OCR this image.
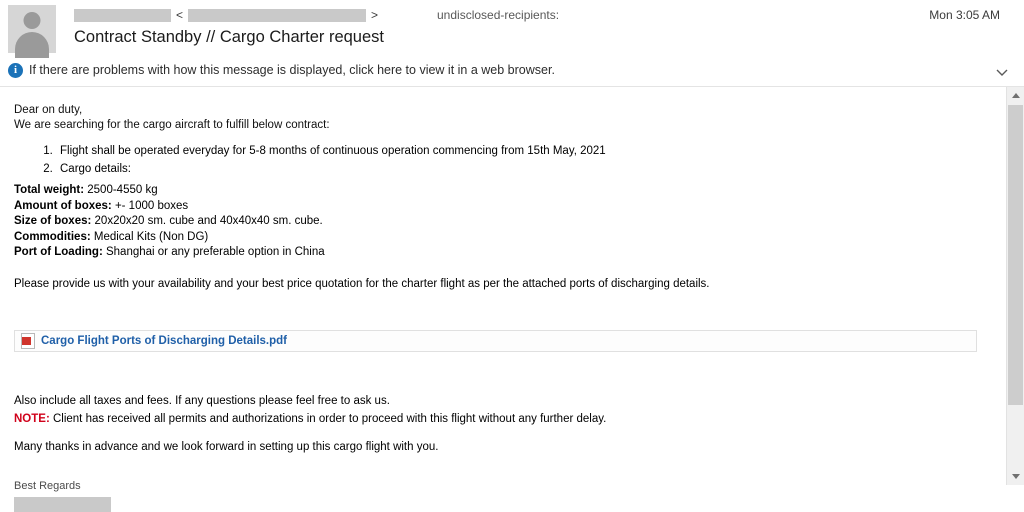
<	>	undisclosed-recipients:	Mon 3:05 AM
Contract Standby // Cargo Charter request
i If there are problems with how this message is displayed, click here to view it in a web browser.
Dear on duty,
We are searching for the cargo aircraft to fulfill below contract:
1. Flight shall be operated everyday for 5-8 months of continuous operation commencing from 15th May, 2021
2. Cargo details:
Total weight: 2500-4550 kg
Amount of boxes: +- 1000 boxes
Size of boxes: 20x20x20 sm. cube and 40x40x40 sm. cube.
Commodities: Medical Kits (Non DG)
Port of Loading: Shanghai or any preferable option in China
Please provide us with your availability and your best price quotation for the charter flight as per the attached ports of discharging details.
Cargo Flight Ports of Discharging Details.pdf
Also include all taxes and fees. If any questions please feel free to ask us.
NOTE: Client has received all permits and authorizations in order to proceed with this flight without any further delay.
Many thanks in advance and we look forward in setting up this cargo flight with you.
Best Regards
